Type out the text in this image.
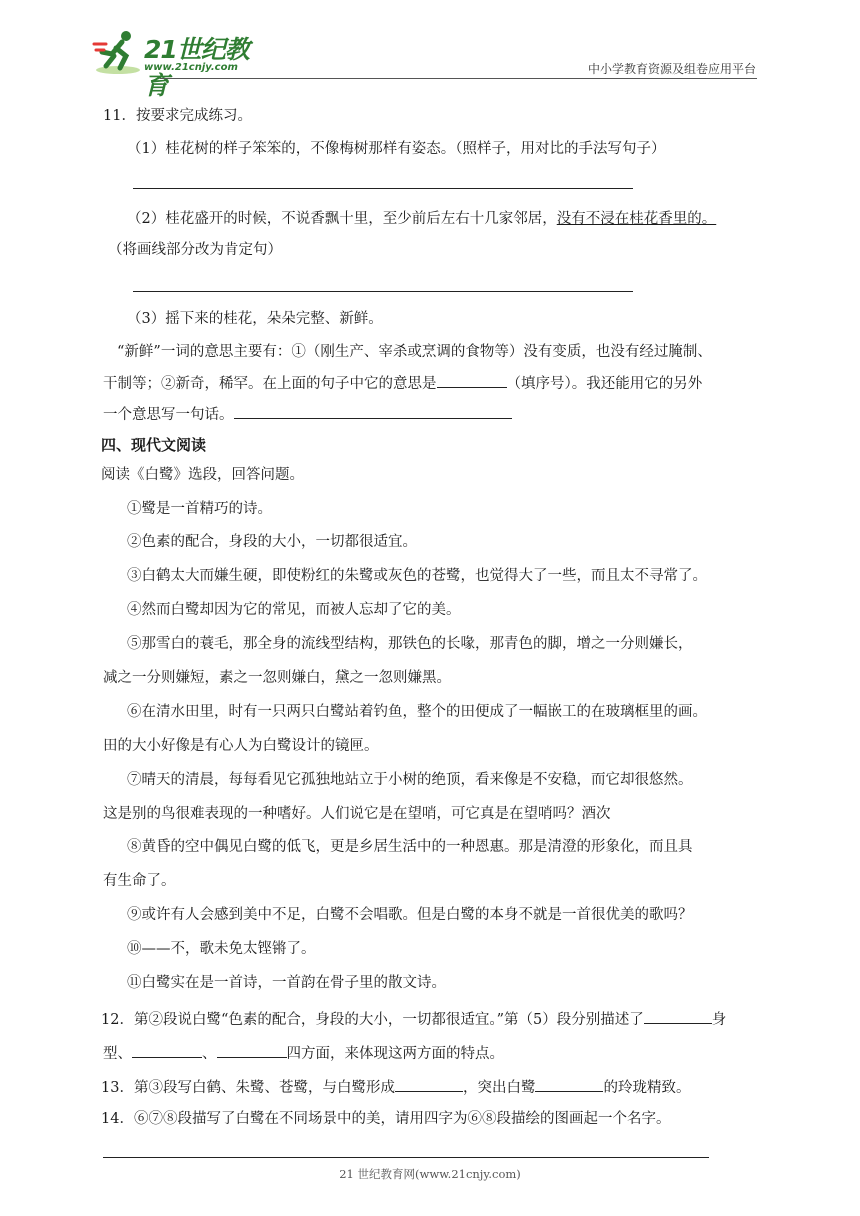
21世纪教育
www.21cnjy.com	中小学教育资源及组卷应用平台
11．按要求完成练习。
（1）桂花树的样子笨笨的，不像梅树那样有姿态。（照样子，用对比的手法写句子）
（2）桂花盛开的时候，不说香飘十里，至少前后左右十几家邻居，没有不浸在桂花香里的。
（将画线部分改为肯定句）
（3）摇下来的桂花，朵朵完整、新鲜。
“新鲜”一词的意思主要有：①（刚生产、宰杀或烹调的食物等）没有变质，也没有经过腌制、
干制等；②新奇，稀罕。在上面的句子中它的意思是	（填序号）。我还能用它的另外
一个意思写一句话。
四、现代文阅读
阅读《白鹭》选段，回答问题。
①鹭是一首精巧的诗。
②色素的配合，身段的大小，一切都很适宜。
③白鹤太大而嫌生硬，即使粉红的朱鹭或灰色的苍鹭，也觉得大了一些，而且太不寻常了。
④然而白鹭却因为它的常见，而被人忘却了它的美。
⑤那雪白的蓑毛，那全身的流线型结构，那铁色的长喙，那青色的脚，增之一分则嫌长，
减之一分则嫌短，素之一忽则嫌白，黛之一忽则嫌黑。
⑥在清水田里，时有一只两只白鹭站着钓鱼，整个的田便成了一幅嵌工的在玻璃框里的画。
田的大小好像是有心人为白鹭设计的镜匣。
⑦晴天的清晨，每每看见它孤独地站立于小树的绝顶，看来像是不安稳，而它却很悠然。
这是别的鸟很难表现的一种嗜好。人们说它是在望哨，可它真是在望哨吗？酒次
⑧黄昏的空中偶见白鹭的低飞，更是乡居生活中的一种恩惠。那是清澄的形象化，而且具
有生命了。
⑨或许有人会感到美中不足，白鹭不会唱歌。但是白鹭的本身不就是一首很优美的歌吗？
⑩——不，歌未免太铿锵了。
⑪白鹭实在是一首诗，一首韵在骨子里的散文诗。
12．第②段说白鹭“色素的配合，身段的大小，一切都很适宜。”第（5）段分别描述了	身
型、	、	四方面，来体现这两方面的特点。
13．第③段写白鹤、朱鹭、苍鹭，与白鹭形成	，突出白鹭	的玲珑精致。
14．⑥⑦⑧段描写了白鹭在不同场景中的美，请用四字为⑥⑧段描绘的图画起一个名字。
21 世纪教育网(www.21cnjy.com)
